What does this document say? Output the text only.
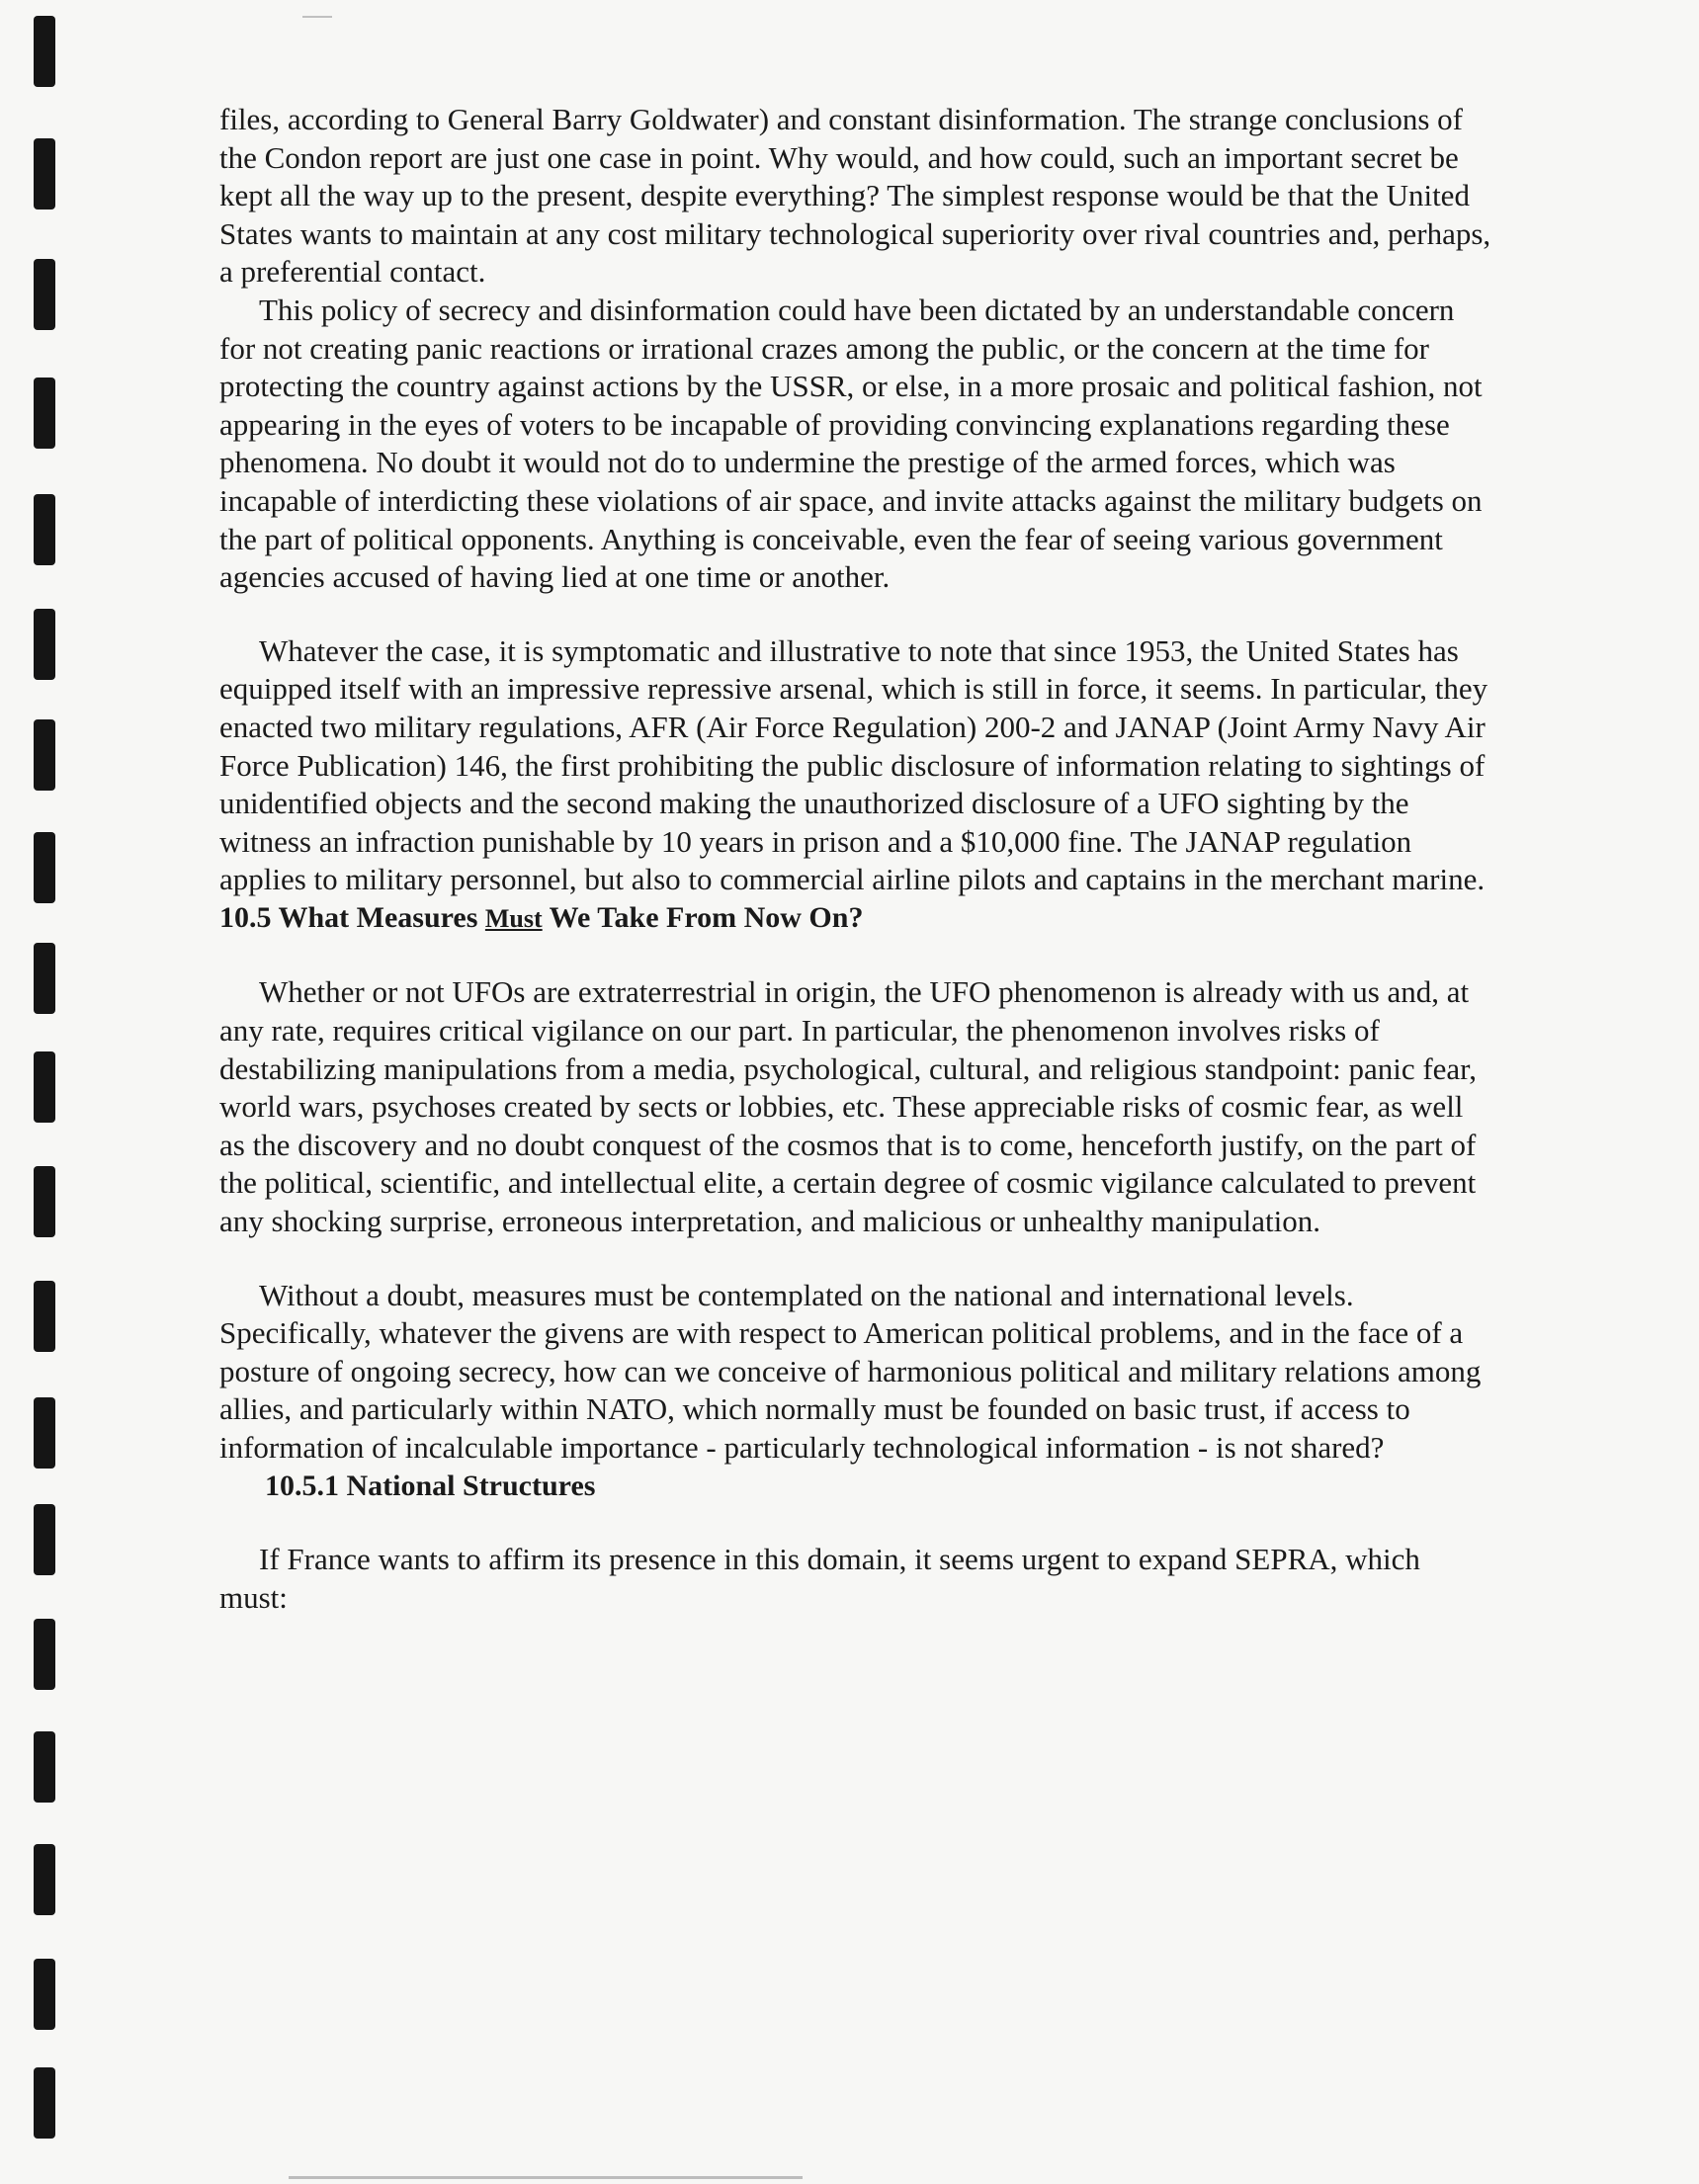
files, according to General Barry Goldwater) and constant disinformation. The strange conclusions of the Condon report are just one case in point. Why would, and how could, such an important secret be kept all the way up to the present, despite everything? The simplest response would be that the United States wants to maintain at any cost military technological superiority over rival countries and, perhaps, a preferential contact.

This policy of secrecy and disinformation could have been dictated by an understandable concern for not creating panic reactions or irrational crazes among the public, or the concern at the time for protecting the country against actions by the USSR, or else, in a more prosaic and political fashion, not appearing in the eyes of voters to be incapable of providing convincing explanations regarding these phenomena. No doubt it would not do to undermine the prestige of the armed forces, which was incapable of interdicting these violations of air space, and invite attacks against the military budgets on the part of political opponents. Anything is conceivable, even the fear of seeing various government agencies accused of having lied at one time or another.

Whatever the case, it is symptomatic and illustrative to note that since 1953, the United States has equipped itself with an impressive repressive arsenal, which is still in force, it seems. In particular, they enacted two military regulations, AFR (Air Force Regulation) 200-2 and JANAP (Joint Army Navy Air Force Publication) 146, the first prohibiting the public disclosure of information relating to sightings of unidentified objects and the second making the unauthorized disclosure of a UFO sighting by the witness an infraction punishable by 10 years in prison and a $10,000 fine. The JANAP regulation applies to military personnel, but also to commercial airline pilots and captains in the merchant marine.

10.5 What Measures Must We Take From Now On?

Whether or not UFOs are extraterrestrial in origin, the UFO phenomenon is already with us and, at any rate, requires critical vigilance on our part. In particular, the phenomenon involves risks of destabilizing manipulations from a media, psychological, cultural, and religious standpoint: panic fear, world wars, psychoses created by sects or lobbies, etc. These appreciable risks of cosmic fear, as well as the discovery and no doubt conquest of the cosmos that is to come, henceforth justify, on the part of the political, scientific, and intellectual elite, a certain degree of cosmic vigilance calculated to prevent any shocking surprise, erroneous interpretation, and malicious or unhealthy manipulation.

Without a doubt, measures must be contemplated on the national and international levels. Specifically, whatever the givens are with respect to American political problems, and in the face of a posture of ongoing secrecy, how can we conceive of harmonious political and military relations among allies, and particularly within NATO, which normally must be founded on basic trust, if access to information of incalculable importance - particularly technological information - is not shared?

10.5.1 National Structures

If France wants to affirm its presence in this domain, it seems urgent to expand SEPRA, which must:
